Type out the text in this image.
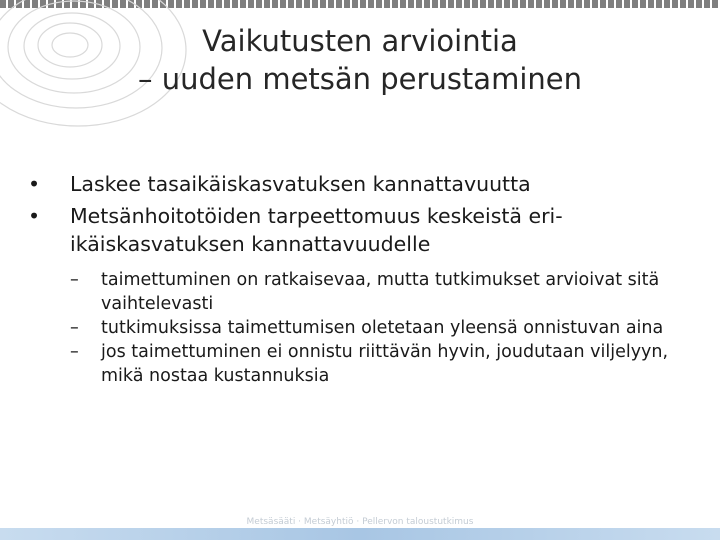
Vaikutusten arviointia
– uuden metsän perustaminen
• Laskee tasaikäiskasvatuksen kannattavuutta
• Metsänhoitotöiden tarpeettomuus keskeistä eri-ikäiskasvatuksen kannattavuudelle
– taimettuminen on ratkaisevaa, mutta tutkimukset arvioivat sitä vaihtelevasti
– tutkimuksissa taimettumisen oletetaan yleensä onnistuvan aina
– jos taimettuminen ei onnistu riittävän hyvin, joudutaan viljelyyn, mikä nostaa kustannuksia
Metsäsääti · Metsäyhtiö · Pellervon taloustutkimus
